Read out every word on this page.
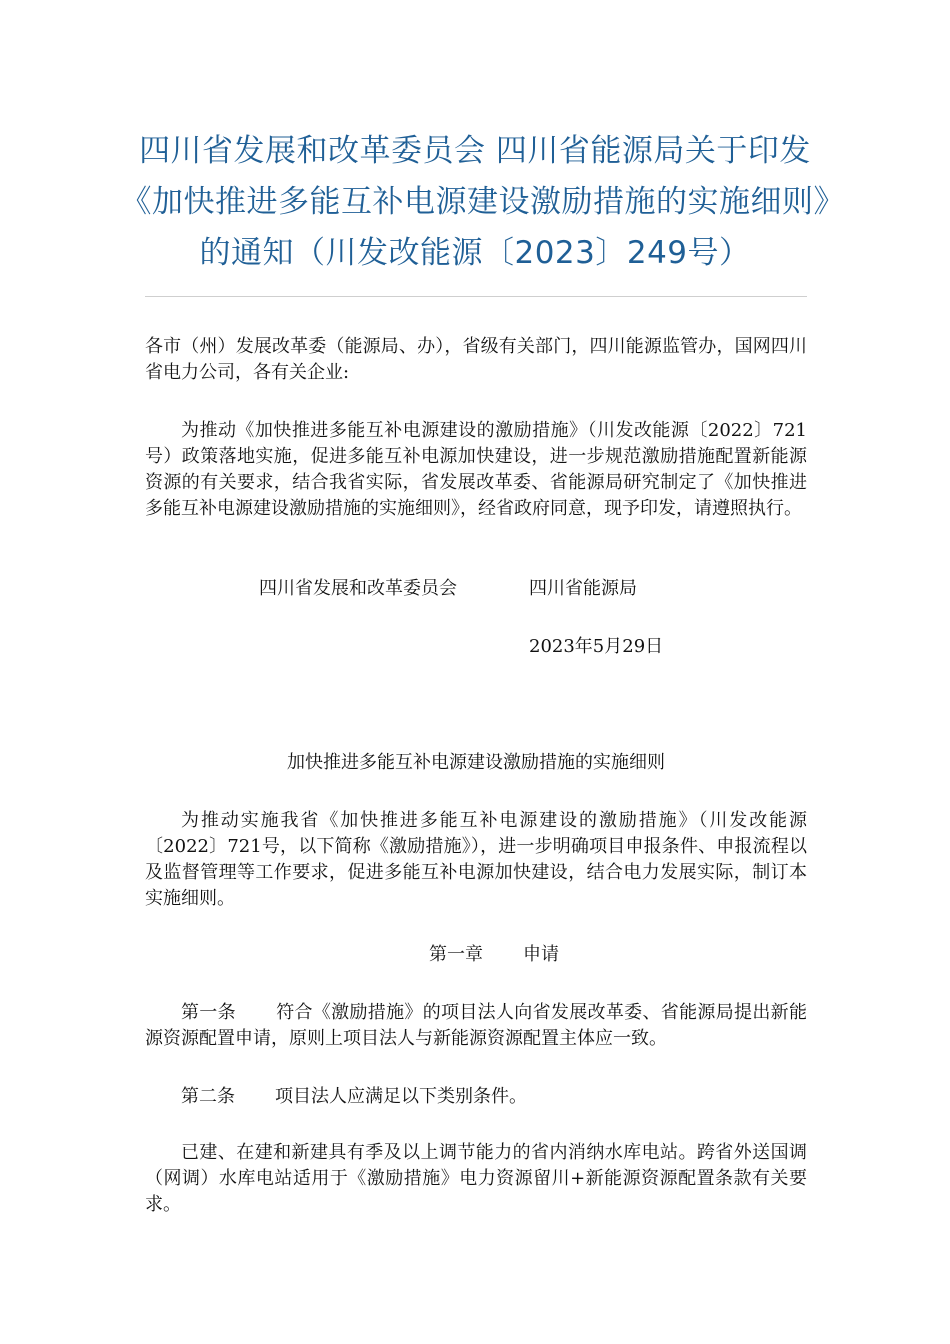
四川省发展和改革委员会 四川省能源局关于印发《加快推进多能互补电源建设激励措施的实施细则》的通知（川发改能源〔2023〕249号）
各市（州）发展改革委（能源局、办），省级有关部门，四川能源监管办，国网四川省电力公司，各有关企业:
为推动《加快推进多能互补电源建设的激励措施》（川发改能源〔2022〕721号）政策落地实施，促进多能互补电源加快建设，进一步规范激励措施配置新能源资源的有关要求，结合我省实际，省发展改革委、省能源局研究制定了《加快推进多能互补电源建设激励措施的实施细则》，经省政府同意，现予印发，请遵照执行。
四川省发展和改革委员会	四川省能源局
2023年5月29日
加快推进多能互补电源建设激励措施的实施细则
为推动实施我省《加快推进多能互补电源建设的激励措施》（川发改能源〔2022〕721号，以下简称《激励措施》），进一步明确项目申报条件、申报流程以及监督管理等工作要求，促进多能互补电源加快建设，结合电力发展实际，制订本实施细则。
第一章 申请
第一条 符合《激励措施》的项目法人向省发展改革委、省能源局提出新能源资源配置申请，原则上项目法人与新能源资源配置主体应一致。
第二条 项目法人应满足以下类别条件。
已建、在建和新建具有季及以上调节能力的省内消纳水库电站。跨省外送国调（网调）水库电站适用于《激励措施》电力资源留川+新能源资源配置条款有关要求。
